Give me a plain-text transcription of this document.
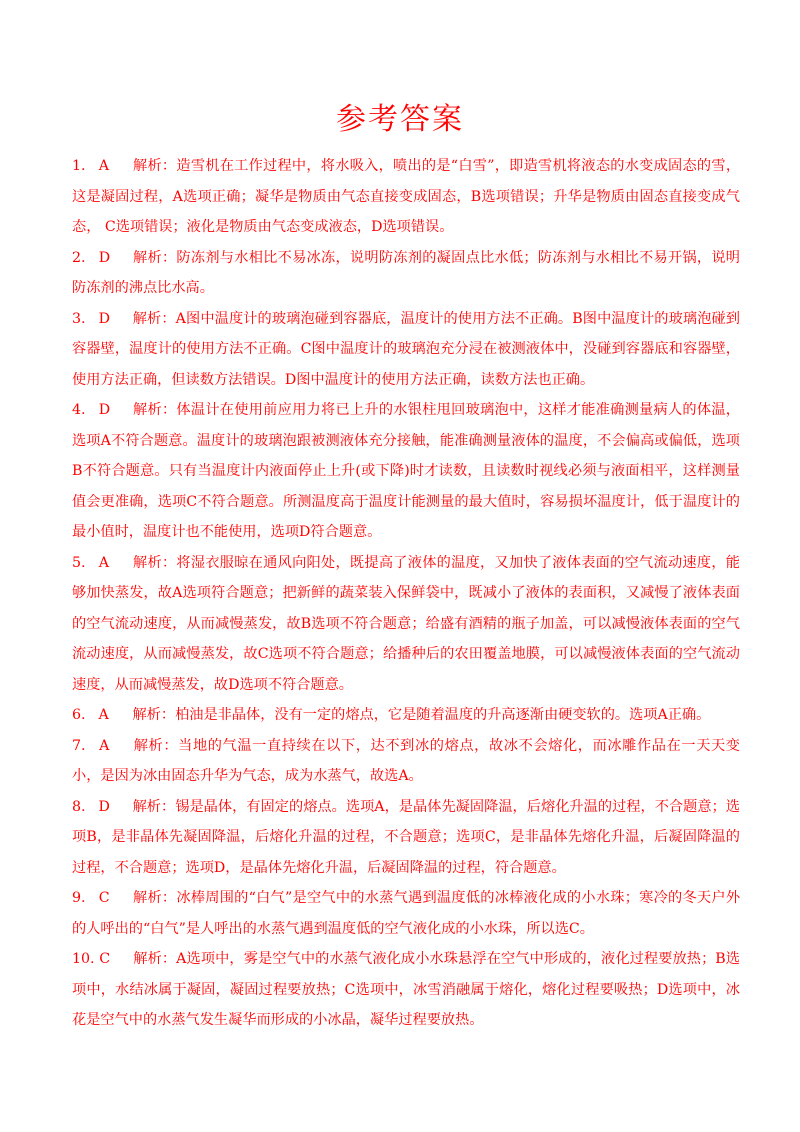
参考答案

1. A 解析：造雪机在工作过程中，将水吸入，喷出的是“白雪”，即造雪机将液态的水变成固态的雪，这是凝固过程，A选项正确；凝华是物质由气态直接变成固态，B选项错误；升华是物质由固态直接变成气态， C选项错误；液化是物质由气态变成液态，D选项错误。

2. D 解析：防冻剂与水相比不易冰冻，说明防冻剂的凝固点比水低；防冻剂与水相比不易开锅，说明防冻剂的沸点比水高。

3. D 解析：A图中温度计的玻璃泡碰到容器底，温度计的使用方法不正确。B图中温度计的玻璃泡碰到容器壁，温度计的使用方法不正确。C图中温度计的玻璃泡充分浸在被测液体中，没碰到容器底和容器壁，使用方法正确，但读数方法错误。D图中温度计的使用方法正确，读数方法也正确。

4. D 解析：体温计在使用前应用力将已上升的水银柱甩回玻璃泡中，这样才能准确测量病人的体温，选项A不符合题意。温度计的玻璃泡跟被测液体充分接触，能准确测量液体的温度，不会偏高或偏低，选项B不符合题意。只有当温度计内液面停止上升(或下降)时才读数，且读数时视线必须与液面相平，这样测量值会更准确，选项C不符合题意。所测温度高于温度计能测量的最大值时，容易损坏温度计，低于温度计的最小值时，温度计也不能使用，选项D符合题意。

5. A 解析：将湿衣服晾在通风向阳处，既提高了液体的温度，又加快了液体表面的空气流动速度，能够加快蒸发，故A选项符合题意；把新鲜的蔬菜装入保鲜袋中，既减小了液体的表面积，又减慢了液体表面的空气流动速度，从而减慢蒸发，故B选项不符合题意；给盛有酒精的瓶子加盖，可以减慢液体表面的空气流动速度，从而减慢蒸发，故C选项不符合题意；给播种后的农田覆盖地膜，可以减慢液体表面的空气流动速度，从而减慢蒸发，故D选项不符合题意。

6. A 解析：柏油是非晶体，没有一定的熔点，它是随着温度的升高逐渐由硬变软的。选项A正确。

7. A 解析：当地的气温一直持续在以下，达不到冰的熔点，故冰不会熔化，而冰雕作品在一天天变小，是因为冰由固态升华为气态，成为水蒸气，故选A。

8. D 解析：锡是晶体，有固定的熔点。选项A，是晶体先凝固降温，后熔化升温的过程，不合题意；选项B，是非晶体先凝固降温，后熔化升温的过程，不合题意；选项C，是非晶体先熔化升温，后凝固降温的过程，不合题意；选项D，是晶体先熔化升温，后凝固降温的过程，符合题意。

9. C 解析：冰棒周围的“白气”是空气中的水蒸气遇到温度低的冰棒液化成的小水珠；寒冷的冬天户外的人呼出的“白气”是人呼出的水蒸气遇到温度低的空气液化成的小水珠，所以选C。

10. C 解析：A选项中，雾是空气中的水蒸气液化成小水珠悬浮在空气中形成的，液化过程要放热；B选项中，水结冰属于凝固，凝固过程要放热；C选项中，冰雪消融属于熔化，熔化过程要吸热；D选项中，冰花是空气中的水蒸气发生凝华而形成的小冰晶，凝华过程要放热。
